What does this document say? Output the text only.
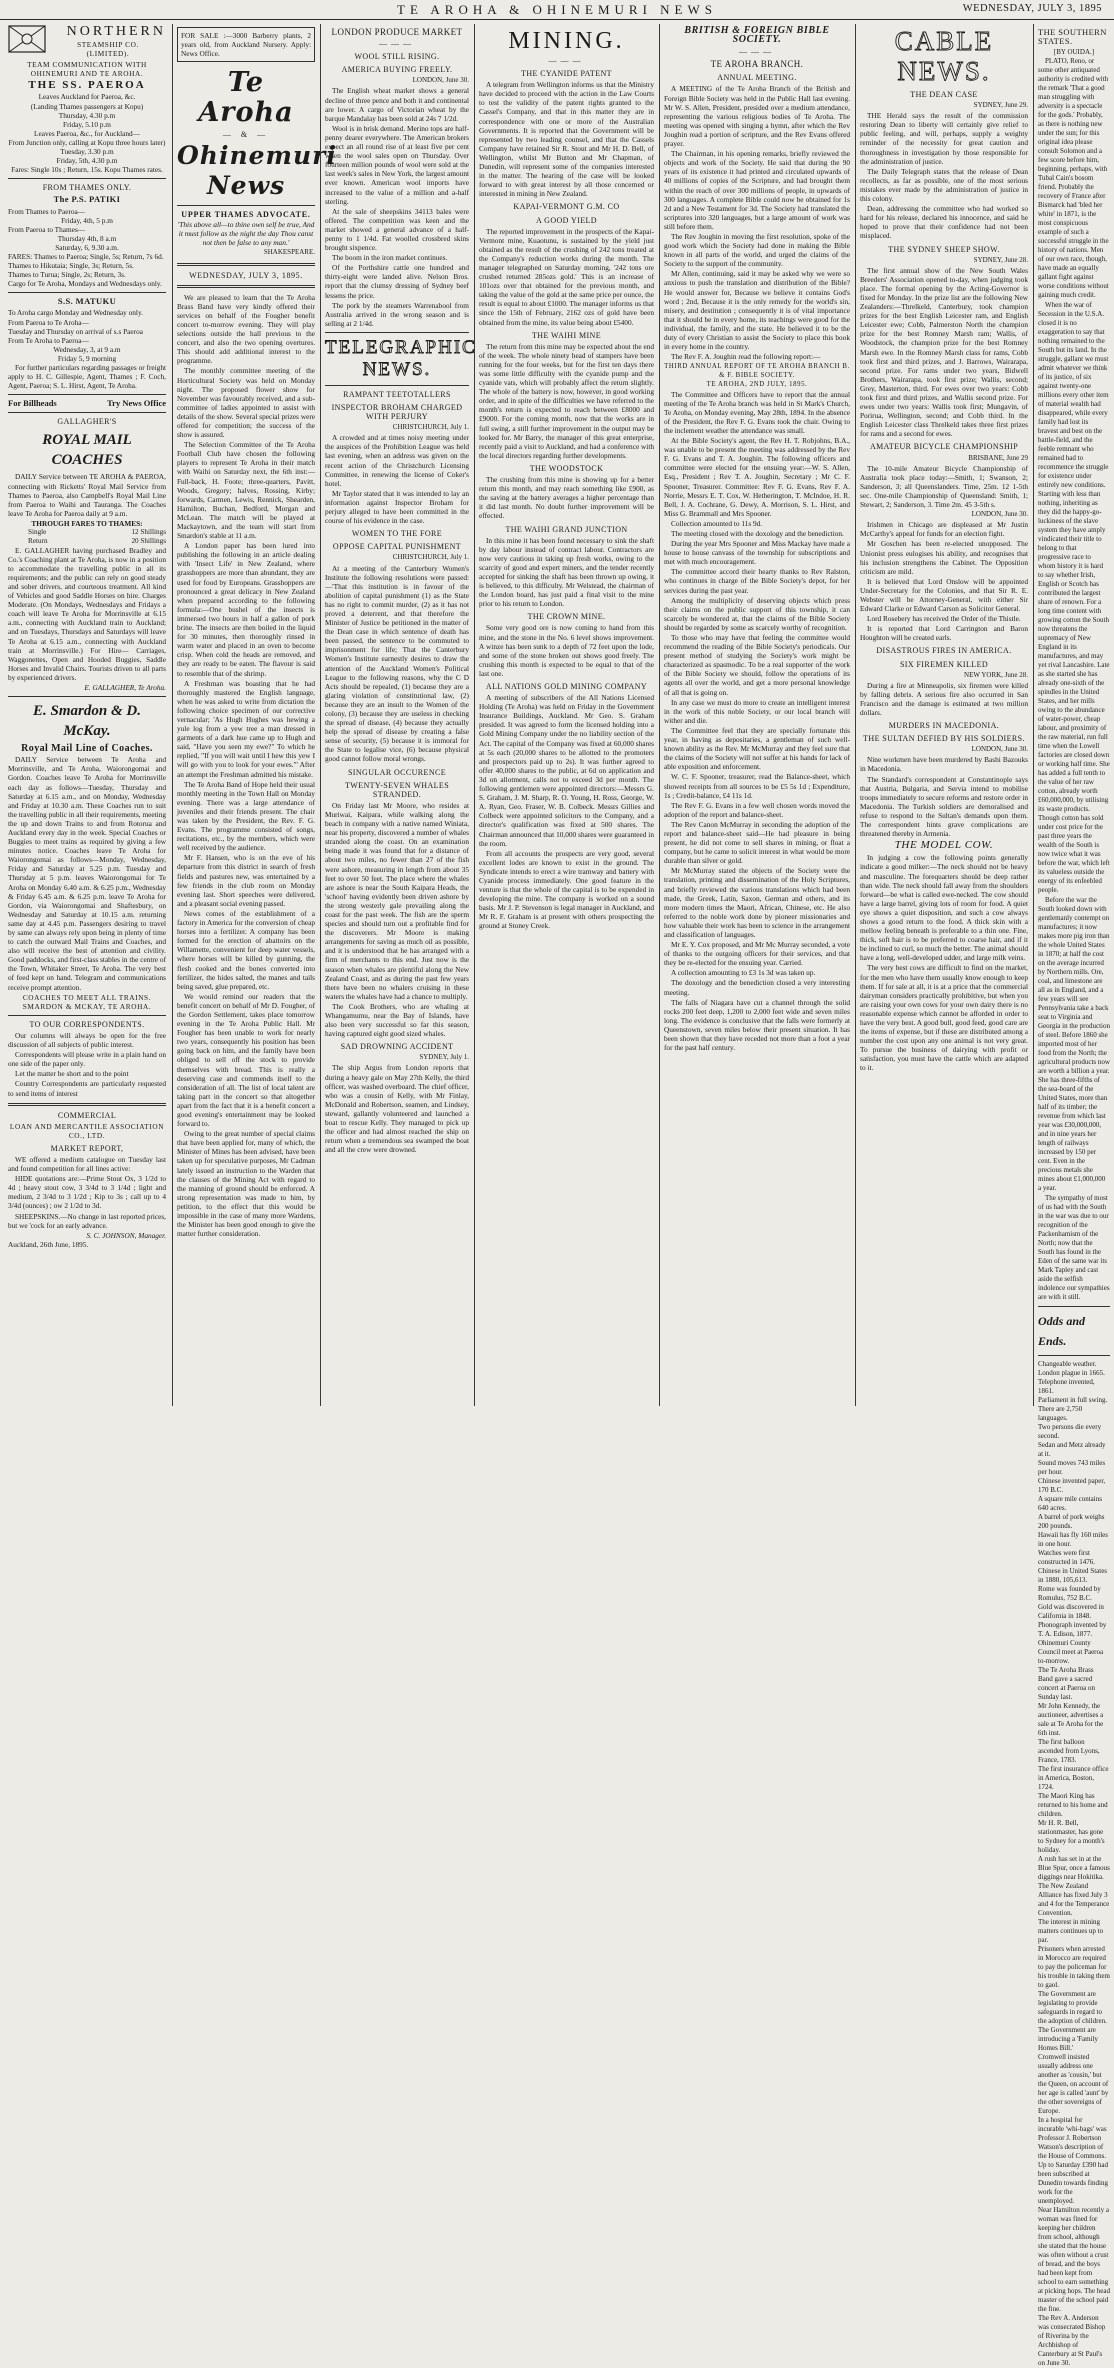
TE AROHA & OHINEMURI NEWS	WEDNESDAY, JULY 3, 1895
NORTHERN
STEAMSHIP CO.
(LIMITED).
TEAM COMMUNICATION WITH OHINEMURI AND TE AROHA.
THE SS. PAEROA
Leaves Auckland for Paeroa, &c.
(Landing Thames passengers at Kopu)
Thursday, 4.30 p.m
Friday, 5.10 p.m
Leaves Paeroa, &c., for Auckland—
From Junction only, calling at Kopu three hours later)
Tuesday, 3.30 p.m
Friday, 5th, 4.30 p.m
Fares: Single 10s ; Return, 15s. Kopu Thames rates.
FROM THAMES ONLY.
The P.S. PATIKI
From Thames to Paeroa—
Friday, 4th, 5 p.m
From Paeroa to Thames—
Thursday 4th, 8 a.m
Saturday, 6, 9.30 a.m.
FARES: Thames to Paeroa; Single, 5s; Return, 7s 6d.
Thames to Hikutaia; Single, 3s; Return, 5s.
Thames to Turua; Single, 2s; Return, 3s.
Cargo for Te Aroha, Mondays and Wednesdays only.
S.S. MATUKU
To Aroha cargo Monday and Wednesday only.
From Paeroa to Te Aroha—
Tuesday and Thursday on arrival of s.s Paeroa
From Te Aroha to Paeroa—
Wednesday, 3, at 9 a.m
Friday 5, 9 morning

For further particulars regarding passages or freight apply to H. C. Gillespie, Agent, Thames ; F. Coch, Agent, Paeroa; S. L. Hirst, Agent, Te Aroha.

For Billheads	Try News Office
GALLAGHER'S
ROYAL MAIL COACHES

DAILY Service between TE AROHA & PAEROA, connecting with Ricketts' Royal Mail Service from Thames to Paeroa, also Campbell's Royal Mail Line from Paeroa to Waihi and Tauranga. The Coaches leave Te Aroha for Paeroa daily at 9 a.m.

THROUGH FARES TO THAMES:
Single	12 Shillings
Return	20 Shillings

E. GALLAGHER having purchased Bradley and Co.'s Coaching plant at Te Aroha, is now in a position to accommodate the travelling public in all its requirements; and the public can rely on good steady and sober drivers, and courteous treatment. All kind of Vehicles and good Saddle Horses on hire. Charges Moderate. (On Mondays, Wednesdays and Fridays a coach will leave Te Aroha for Morrinsville at 6.15 a.m., connecting with Auckland train to Auckland; and on Tuesdays, Thursdays and Saturdays will leave Te Aroha at 6.15 a.m., connecting with Auckland train at Morrinsville.) For Hire— Carriages, Waggonettes, Open and Hooded Buggies, Saddle Horses and Invalid Chairs. Tourists driven to all parts by experienced drivers.

E. GALLAGHER, Te Aroha.
E. Smardon & D. McKay.
Royal Mail Line of Coaches.

DAILY Service between Te Aroha and Morrinsville, and Te Aroha, Waiorongomai and Gordon. Coaches leave Te Aroha for Morrinsville each day as follows—Tuesday, Thursday and Saturday at 6.15 a.m., and on Monday, Wednesday and Friday at 10.30 a.m. These Coaches run to suit the travelling public in all their requirements, meeting the up and down Trains to and from Rotorua and Auckland every day in the week. Special Coaches or Buggies to meet trains as required by giving a few minutes notice. Coaches leave Te Aroha for Waiorongomai as follows—Monday, Wednesday, Friday and Saturday at 5.25 p.m. Tuesday and Thursday at 5 p.m. leaves Waiorongomai for Te Aroha on Monday 6.40 a.m. & 6.25 p.m., Wednesday & Friday 6.45 a.m. & 6.25 p.m. leave Te Aroha for Gordon, via Waiorongomai and Shaftesbury, on Wednesday and Saturday at 10.15 a.m. returning same day at 4.45 p.m. Passengers desiring to travel by same can always rely upon being in plenty of time to catch the outward Mail Trains and Coaches, and also will receive the best of attention and civility. Good paddocks, and first-class stables in the centre of the Town, Whitaker Street, Te Aroha. The very best of feed kept on hand. Telegram and communications receive prompt attention.

COACHES TO MEET ALL TRAINS.
SMARDON & MCKAY, TE AROHA.
TO OUR CORRESPONDENTS.

Our columns will always be open for the free discussion of all subjects of public interest.

Correspondents will please write in a plain hand on one side of the paper only.

Let the matter be short and to the point

Country Correspondents are particularly requested to send items of interest

COMMERCIAL
LOAN AND MERCANTILE ASSOCIATION CO., LTD.
MARKET REPORT,

WE offered a medium catalogue on Tuesday last and found competition for all lines active:

HIDE quotations are:—Prime Stout Ox, 3 1/2d to 4d ; heavy stout cow, 3 3/4d to 3 1/4d ; light and medium, 2 3/4d to 3 1/2d ; Kip to 3s ; call up to 4 3/4d (ounces) ; ow 2 1/2d to 3d.

SHEEPSKINS.—No change in last reported prices, but we 'cock for an early advance.

S. C. JOHNSON, Manager.
Auckland, 26th June, 1895.
FOR SALE :—3000 Barberry plants, 2 years old, from Auckland Nursery. Apply: News Office.
Te Aroha
— & —
Ohinemuri News
UPPER THAMES ADVOCATE.
'This above all—to thine own self be true, And it must follow as the night the day Thou canst not then be false to any man.'
SHAKESPEARE.
WEDNESDAY, JULY 3, 1895.

We are pleased to learn that the Te Aroha Brass Band have very kindly offered their services on behalf of the Fougher benefit concert to-morrow evening. They will play selections outside the hall previous to the concert, and also the two opening overtures. This should add additional interest to the programme.

The monthly committee meeting of the Horticultural Society was held on Monday night. The proposed flower show for November was favourably received, and a sub-committee of ladies appointed to assist with details of the show. Several special prizes were offered for competition; the success of the show is assured.

The Selection Committee of the Te Aroha Football Club have chosen the following players to represent Te Aroha in their match with Waihi on Saturday next, the 6th inst:—Full-back, H. Foote; three-quarters, Pavitt, Woods, Gregory; halves, Rossing, Kirby; forwards, Carmen, Lewis, Rennick, Shearden, Hamilton, Buchan, Bedford, Morgan and McLean. The match will be played at Mackaytown, and the team will start from Smardon's stable at 11 a.m.

A London paper has been lured into publishing the following in an article dealing with 'Insect Life' in New Zealand, where grasshoppers are more than abundant, they are used for food by Europeans. Grasshoppers are pronounced a great delicacy in New Zealand when prepared according to the following formula:—One bushel of the insects is immersed two hours in half a gallon of pork brine. The insects are then boiled in the liquid for 30 minutes, then thoroughly rinsed in warm water and placed in an oven to become crisp. When cold the heads are removed, and they are ready to be eaten. The flavour is said to resemble that of the shrimp.

A Freshman was boasting that he had thoroughly mastered the English language, when he was asked to write from dictation the following choice specimen of our corrective vernacular; 'As Hugh Hughes was hewing a yule log from a yew tree a man dressed in garments of a dark hue came up to Hugh and said, "Have you seen my ewe?" To which he replied, "If you will wait until I hew this yew I will go with you to look for your ewes."' After an attempt the Freshman admitted his mistake.

The Te Aroha Band of Hope held their usual monthly meeting in the Town Hall on Monday evening. There was a large attendance of juveniles and their friends present. The chair was taken by the President, the Rev. F. G. Evans. The programme consisted of songs, recitations, etc., by the members, which were well received by the audience.

Mr F. Hansen, who is on the eve of his departure from this district in search of fresh fields and pastures new, was entertained by a few friends in the club room on Monday evening last. Short speeches were delivered, and a pleasant social evening passed.

News comes of the establishment of a factory in America for the conversion of cheap horses into a fertilizer. A company has been formed for the erection of abattoirs on the Willamette, convenient for deep water vessels, where horses will be killed by gunning, the flesh cooked and the bones converted into fertilizer, the hides salted, the manes and tails being saved, glue prepared, etc.

We would remind our readers that the benefit concert on behalf of Mr D. Fougher, of the Gordon Settlement, takes place tomorrow evening in the Te Aroha Public Hall. Mr Fougher has been unable to work for nearly two years, consequently his position has been going back on him, and the family have been obliged to sell off the stock to provide themselves with bread. This is really a deserving case and commends itself to the consideration of all. The list of local talent are taking part in the concert so that altogether apart from the fact that it is a benefit concert a good evening's entertainment may be looked forward to.

Owing to the great number of special claims that have been applied for, many of which, the Minister of Mines has been advised, have been taken up for speculative purposes, Mr Cadman lately issued an instruction to the Warden that the clauses of the Mining Act with regard to the manning of ground should be enforced. A strong representation was made to him, by petition, to the effect that this would be impossible in the case of many more Wardens, the Minister has been good enough to give the matter further consideration.

LONDON PRODUCE MARKET
———
WOOL STILL RISING.
AMERICA BUYING FREELY.
LONDON, June 30.

The English wheat market shows a general decline of three pence and both it and continental are lower. A cargo of Victorian wheat by the barque Mandalay has been sold at 24s 7 1/2d.

Wool is in brisk demand. Merino tops are half-penny dearer everywhere. The American brokers expect an all round rise of at least five per cent when the wool sales open on Thursday. Over fourteen million pounds of wool were sold at the last week's sales in New York, the largest amount ever known. American wool imports have increased to the value of a million and a-half sterling.

At the sale of sheepskins 34113 bales were offered. The competition was keen and the market showed a general advance of a half-penny to 1 1/4d. Fat woolled crossbred skins brought sixpence.

The boom in the iron market continues.

Of the Porthshire cattle one hundred and thirty-eight were landed alive. Nelson Bros. report that the clumsy dressing of Sydney beef lessens the price.

The pork by the steamers Warrenabool from Australia arrived in the wrong season and is selling at 2 1/4d.

TELEGRAPHIC NEWS.
RAMPANT TEETOTALLERS
INSPECTOR BROHAM CHARGED WITH PERJURY
CHRISTCHURCH, July 1.

A crowded and at times noisy meeting under the auspices of the Prohibition League was held last evening, when an address was given on the recent action of the Christchurch Licensing Committee, in renewing the license of Coker's hotel.

Mr Taylor stated that it was intended to lay an information against Inspector Broham for perjury alleged to have been committed in the course of his evidence in the case.

WOMEN TO THE FORE
OPPOSE CAPITAL PUNISHMENT
CHRISTCHURCH, July 1.

At a meeting of the Canterbury Women's Institute the following resolutions were passed:—'That this institution is in favour of the abolition of capital punishment (1) as the State has no right to commit murder, (2) as it has not proved a deterrent, and that therefore the Minister of Justice be petitioned in the matter of the Dean case in which sentence of death has been passed, the sentence to be commuted to imprisonment for life; That the Canterbury Women's Institute earnestly desires to draw the attention of the Auckland Women's Political League to the following reasons, why the C D Acts should be repealed, (1) because they are a glaring violation of constitutional law, (2) because they are an insult to the Women of the colony, (3) because they are useless in checking the spread of disease, (4) because they actually help the spread of disease by creating a false sense of security, (5) because it is immoral for the State to legalise vice, (6) because physical good cannot follow moral wrongs.

SINGULAR OCCURENCE
TWENTY-SEVEN WHALES STRANDED.

On Friday last Mr Moore, who resides at Muriwai, Kaipara, while walking along the beach in company with a native named Winiata, near his property, discovered a number of whales stranded along the coast. On an examination being made it was found that for a distance of about two miles, no fewer than 27 of the fish were ashore, measuring in length from about 35 feet to over 50 feet. The place where the whales are ashore is near the South Kaipara Heads, the 'school' having evidently been driven ashore by the strong westerly gale prevailing along the coast for the past week. The fish are the sperm species and should turn out a profitable find for the discoverers. Mr Moore is making arrangements for saving as much oil as possible, and it is understood that he has arranged with a firm of merchants to this end. Just now is the season when whales are plentiful along the New Zealand Coast, and as during the past few years there have been no whalers cruising in these waters the whales have had a chance to multiply.

The Cook Brothers, who are whaling at Whangamumu, near the Bay of Islands, have also been very successful so far this season, having captured eight good sized whales.

SAD DROWNING ACCIDENT
SYDNEY, July 1.

The ship Argus from London reports that during a heavy gale on May 27th Kelly, the third officer, was washed overboard. The chief officer, who was a cousin of Kelly, with Mr Finlay, McDonald and Robertson, seamen, and Lindsey, steward, gallantly volunteered and launched a boat to rescue Kelly. They managed to pick up the officer and had almost reached the ship on return when a tremendous sea swamped the boat and all the crew were drowned.

MINING.
———
THE CYANIDE PATENT

A telegram from Wellington informs us that the Ministry have decided to proceed with the action in the Law Courts to test the validity of the patent rights granted to the Cassel's Company, and that in this matter they are in correspondence with one or more of the Australian Governments. It is reported that the Government will be represented by two leading counsel, and that the Cassels Company have retained Sir R. Stout and Mr H. D. Bell, of Wellington, whilst Mr Button and Mr Chapman, of Dunedin, will represent some of the companies interested in the matter. The hearing of the case will be looked forward to with great interest by all those concerned or interested in mining in New Zealand.

KAPAI-VERMONT G.M. CO
A GOOD YIELD

The reported improvement in the prospects of the Kapai-Vermont mine, Kuaotunu, is sustained by the yield just obtained as the result of the crushing of 242 tons treated at the Company's reduction works during the month. The manager telegraphed on Saturday morning, '242 tons ore crushed returned 285ozs gold.' This is an increase of 101ozs over that obtained for the previous month, and taking the value of the gold at the same price per ounce, the result is equal to about £1000. The manager informs us that since the 15th of February, 2162 ozs of gold have been obtained from the mine, its value being about £5400.

THE WAIHI MINE

The return from this mine may be expected about the end of the week. The whole ninety head of stampers have been running for the four weeks, but for the first ten days there was some little difficulty with the cyanide pump and the cyanide vats, which will probably affect the return slightly. The whole of the battery is now, however, in good working order, and in spite of the difficulties we have referred to the month's return is expected to reach between £8000 and £9000. For the coming month, now that the works are in full swing, a still further improvement in the output may be looked for. Mr Barry, the manager of this great enterprise, recently paid a visit to Auckland, and had a conference with the local directors regarding further developments.

THE WOODSTOCK

The crushing from this mine is showing up for a better return this month, and may reach something like £900, as the saving at the battery averages a higher percentage than it did last month. No doubt further improvement will be effected.

THE WAIHI GRAND JUNCTION

In this mine it has been found necessary to sink the shaft by day labour instead of contract labour. Contractors are now very cautious in taking up fresh works, owing to the scarcity of good and expert miners, and the tender recently accepted for sinking the shaft has been thrown up owing, it is believed, to this difficulty. Mr Welstead, the chairman of the London board, has just paid a final visit to the mine prior to his return to London.

THE CROWN MINE.

Some very good ore is now coming to hand from this mine, and the stone in the No. 6 level shows improvement. A winze has been sunk to a depth of 72 feet upon the lode, and some of the stone broken out shows good freely. The crushing this month is expected to be equal to that of the last one.

ALL NATIONS GOLD MINING COMPANY

A meeting of subscribers of the All Nations Licensed Holding (Te Aroha) was held on Friday in the Government Insurance Buildings, Auckland. Mr Geo. S. Graham presided. It was agreed to form the licensed holding into a Gold Mining Company under the no liability section of the Act. The capital of the Company was fixed at 60,000 shares at 5s each (20,000 shares to be allotted to the promoters and prospectors paid up to 2s). It was further agreed to offer 40,000 shares to the public, at 6d on application and 3d on allotment, calls not to exceed 3d per month. The following gentlemen were appointed directors:—Messrs G. S. Graham, J. M. Sharp, R. O. Young, H. Ross, George, W. A. Ryan, Geo. Fraser, W. B. Colbeck. Messrs Gillies and Colbeck were appointed solicitors to the Company, and a director's qualification was fixed at 500 shares. The Chairman announced that 10,000 shares were guaranteed in the room.

From all accounts the prospects are very good, several excellent lodes are known to exist in the ground. The Syndicate intends to erect a wire tramway and battery with Cyanide process immediately. One good feature in the venture is that the whole of the capital is to be expended in developing the mine. The company is worked on a sound basis. Mr J. P. Stevenson is legal manager in Auckland, and Mr R. F. Graham is at present with others prospecting the ground at Stoney Creek.

BRITISH & FOREIGN BIBLE
SOCIETY.
———
TE AROHA BRANCH.
ANNUAL MEETING.

A MEETING of the Te Aroha Branch of the British and Foreign Bible Society was held in the Public Hall last evening. Mr W. S. Allen, President, presided over a medium attendance, representing the various religious bodies of Te Aroha. The meeting was opened with singing a hymn, after which the Rev Joughin read a portion of scripture, and the Rev Evans offered prayer.

The Chairman, in his opening remarks, briefly reviewed the objects and work of the Society. He said that during the 90 years of its existence it had printed and circulated upwards of 40 millions of copies of the Scripture, and had brought them within the reach of over 300 millions of people, in upwards of 300 languages. A complete Bible could now be obtained for 1s 2d and a New Testament for 3d. The Society had translated the scriptures into 320 languages, but a large amount of work was still before them.

The Rev Joughin in moving the first resolution, spoke of the good work which the Society had done in making the Bible known in all parts of the world, and urged the claims of the Society to the support of the community.

Mr Allen, continuing, said it may be asked why we were so anxious to push the translation and distribution of the Bible? He would answer for, Because we believe it contains God's word ; 2nd, Because it is the only remedy for the world's sin, misery, and destitution ; consequently it is of vital importance that it should be in every home, its teachings were good for the individual, the family, and the state. He believed it to be the duty of every Christian to assist the Society to place this book in every home in the country.

The Rev F. A. Joughin read the following report:—

THIRD ANNUAL REPORT OF TE AROHA BRANCH B. & F. BIBLE SOCIETY.
TE AROHA, 2ND JULY, 1895.

The Committee and Officers have to report that the annual meeting of the Te Aroha branch was held in St Mark's Church, Te Aroha, on Monday evening, May 28th, 1894. In the absence of the President, the Rev F. G. Evans took the chair. Owing to the inclement weather the attendance was small.

At the Bible Society's agent, the Rev H. T. Robjohns, B.A., was unable to be present the meeting was addressed by the Rev F. G. Evans and T. A. Joughin. The following officers and committee were elected for the ensuing year:—W. S. Allen, Esq., President ; Rev T. A. Joughin, Secretary ; Mr C. F. Spooner, Treasurer. Committee: Rev F. G. Evans, Rev F. A. Norrie, Messrs E. T. Cox, W. Hetherington, T. McIndoe, H. R. Bell, J. A. Cochrane, G. Dewy, A. Morrison, S. L. Hirst, and Miss G. Brammall and Mrs Spooner.

Collection amounted to 11s 9d.

The meeting closed with the doxology and the benediction.

During the year Mrs Spooner and Miss Mackay have made a house to house canvass of the township for subscriptions and met with much encouragement.

The committee accord their hearty thanks to Rev Ralston, who continues in charge of the Bible Society's depot, for her services during the past year.

Among the multiplicity of deserving objects which press their claims on the public support of this township, it can scarcely be wondered at, that the claims of the Bible Society should be regarded by some as scarcely worthy of recognition.

To those who may have that feeling the committee would recommend the reading of the Bible Society's periodicals. Our present method of studying the Society's work might be characterized as spasmodic. To be a real supporter of the work of the Bible Society we should, follow the operations of its agents all over the world, and get a more personal knowledge of all that is going on.

In any case we must do more to create an intelligent interest in the work of this noble Society, or our local branch will wither and die.

The Committee feel that they are specially fortunate this year, in having as depositaries, a gentleman of such well-known ability as the Rev. Mr McMurray and they feel sure that the claims of the Society will not suffer at his hands for lack of able exposition and enforcement.

W. C. F. Spooner, treasurer, read the Balance-sheet, which showed receipts from all sources to be £5 5s 1d ; Expenditure, 1s ; Credit-balance, £4 11s 1d.

The Rev F. G. Evans in a few well chosen words moved the adoption of the report and balance-sheet.

The Rev Canon McMurray in seconding the adoption of the report and balance-sheet said—He had pleasure in being present, he did not come to sell shares in mining, or float a company, but he came to solicit interest in what would be more durable than silver or gold.

Mr McMurray stated the objects of the Society were the translation, printing and dissemination of the Holy Scriptures, and briefly reviewed the various translations which had been made, the Greek, Latin, Saxon, German and others, and its more modern times the Maori, African, Chinese, etc. He also referred to the noble work done by pioneer missionaries and how valuable their work has been to science in the arrangement and classification of languages.

Mr E. Y. Cox proposed, and Mr Mc Murray seconded, a vote of thanks to the outgoing officers for their services, and that they be re-elected for the ensuing year. Carried.

A collection amounting to £3 1s 3d was taken up.

The doxology and the benediction closed a very interesting meeting.

The falls of Niagara have cut a channel through the solid rocks 200 feet deep, 1,200 to 2,000 feet wide and seven miles long. The evidence is conclusive that the falls were formerly at Queenstown, seven miles below their present situation. It has been shown that they have receded not more than a foot a year for the past half century.

CABLE NEWS.
THE DEAN CASE
SYDNEY, June 29.

THE Herald says the result of the commission restoring Dean to liberty will certainly give relief to public feeling, and will, perhaps, supply a weighty reminder of the necessity for great caution and thoroughness in investigation by those responsible for the administration of justice.

The Daily Telegraph states that the release of Dean recollects, as far as possible, one of the most serious mistakes ever made by the administration of justice in this colony.

Dean, addressing the committee who had worked so hard for his release, declared his innocence, and said he hoped to prove that their confidence had not been misplaced.

THE SYDNEY SHEEP SHOW.
SYDNEY, June 28.

The first annual show of the New South Wales Breeders' Association opened to-day, when judging took place. The formal opening by the Acting-Governor is fixed for Monday. In the prize list are the following New Zealanders:—Threlkeld, Canterbury, took champion prizes for the best English Leicester ram, and English Leicester ewe; Cobb, Palmerston North the champion prize for the best Romney Marsh ram; Wallis, of Woodstock, the champion prize for the best Romney Marsh ewe. In the Romney Marsh class for rams, Cobb took first and third prizes, and J. Barrows, Wairarapa, second prize. For rams under two years, Bidwell Brothers, Wairarapa, took first prize; Wallis, second; Grey, Masterton, third. For ewes over two years: Cobb took first and third prizes, and Wallis second prize. For ewes under two years: Wallis took first; Mungavin, of Porirua, Wellington, second; and Cobb third. In the English Leicester class Threlkeld takes three first prizes for rams and a second for ewes.

AMATEUR BICYCLE CHAMPIONSHIP
BRISBANE, June 29

The 10-mile Amateur Bicycle Championship of Australia took place today:—Smith, 1; Swanson, 2; Sanderson, 3; all Queenslanders. Time, 25m. 12 1-5th sec. One-mile Championship of Queensland: Smith, 1; Stewart, 2; Sanderson, 3. Time 2m. 45 3-5th s.

LONDON, June 30.

Irishmen in Chicago are displeased at Mr Justin McCarthy's appeal for funds for an election fight.

Mr Goschen has been re-elected unopposed. The Unionist press eulogises his ability, and recognises that his inclusion strengthens the Cabinet. The Opposition criticism are mild.

It is believed that Lord Onslow will be appointed Under-Secretary for the Colonies, and that Sir R. E. Webster will be Attorney-General, with either Sir Edward Clarke or Edward Carson as Solicitor General.

Lord Rosebery has received the Order of the Thistle.

It is reported that Lord Carrington and Baron Houghton will be created earls.

DISASTROUS FIRES IN AMERICA.
SIX FIREMEN KILLED
NEW YORK, June 28.

During a fire at Minneapolis, six firemen were killed by falling debris. A serious fire also occurred in San Francisco and the damage is estimated at two million dollars.

MURDERS IN MACEDONIA.
THE SULTAN DEFIED BY HIS SOLDIERS.
LONDON, June 30.

Nine workmen have been murdered by Bashi Bazouks in Macedonia.

The Standard's correspondent at Constantinople says that Austria, Bulgaria, and Servia intend to mobilise troops immediately to secure reforms and restore order in Macedonia. The Turkish soldiers are demoralised and refuse to respond to the Sultan's demands upon them. The correspondent hints grave complications are threatened thereby in Armenia.

THE MODEL COW.

In judging a cow the following points generally indicate a good milker:—The neck should not be heavy and masculine. The forequarters should be deep rather than wide. The neck should fall away from the shoulders forward—be what is called ewe-necked. The cow should have a large barrel, giving lots of room for food. A quiet eye shows a quiet disposition, and such a cow always shows a good return to the food. A thick skin with a mellow feeling beneath is preferable to a thin one. Fine, thick, soft hair is to be preferred to coarse hair, and if it be inclined to curl, so much the better. The animal should have a long, well-developed udder, and large milk veins.

The very best cows are difficult to find on the market, for the men who have them usually know enough to keep them. If for sale at all, it is at a price that the commercial dairyman considers practically prohibitive, but when you are raising your own cows for your own dairy there is no reasonable expense which cannot be afforded in order to have the very best. A good bull, good feed, good care are the items of expense, but if these are distributed among a number the cost upon any one animal is not very great. To pursue the business of dairying with profit or satisfaction, you must have the cattle which are adapted to it.

THE SOUTHERN STATES.
[BY OUIDA.]

PLATO, Reno, or some other antiquated authority is credited with the remark 'That a good man struggling with adversity is a spectacle for the gods.' Probably, as there is nothing new under the sun; for this original idea please consult Solomon and a few score before him, beginning, perhaps, with Tubal Cain's bosom friend. Probably the recovery of France after Bismarck had 'bled her white' in 1871, is the most conspicuous example of such a successful struggle in the history of nations. Men of our own race, though, have made an equally gallant fight against worse conditions without gaining much credit.

When the war of Secession in the U.S.A. closed it is no exaggeration to say that nothing remained to the South but its land. In the struggle, gallant we must admit whatever we think of its justice, of six against twenty-one millions every other item of material wealth had disappeared, while every family had lost its bravest and best on the battle-field, and the feeble remnant who remained had to recommence the struggle for existence under entirely new conditions. Starting with less than nothing, inheriting as they did the happy-go-luckiness of the slave system they have amply vindicated their title to belong to that progressive race to whom history it is hard to say whether Irish, English or Scotch has contributed the largest share of renown. For a long time content with growing cotton the South now threatens the supremacy of New England in its manufactures, and may yet rival Lancashire. Late as she started she has already one-sixth of the spindles in the United States, and her mills owing to the abundance of water-power, cheap labour, and proximity of the raw material, run full time when the Lowell factories are closed down or working half time. She has added a full tenth to the value of her raw cotton, already worth £60,000,000, by utilising its waste products. Though cotton has sold under cost price for the past three years the wealth of the South is now twice what it was before the war, which left its valueless outside the energy of its enfeebled people.

Before the war the South looked down with gentlemanly contempt on manufactures; it now makes more pig iron than the whole United States in 1870; at half the cost on the average incurred by Northern mills. Ore, coal, and limestone are all as in England, and a few years will see Pennsylvania take a back seat to Virginia and Georgia in the production of steel. Before 1860 she imported most of her food from the North; the agricultural products now are worth a billion a year. She has three-fifths of the sea-board of the United States, more than half of its timber; the revenue from which last year was £30,000,000, and in nine years her length of railways increased by 150 per cent. Even in the precious metals she mines about £1,000,000 a year.

The sympathy of most of us had with the South in the war was due to our recognition of the Packenhamism of the North; now that the South has found in the Eden of the same war its Mark Tapley and cast aside the selfish indolence our sympathies are with it still.

Odds and Ends.
Changeable weather.
London plague in 1665.
Telephone invented, 1861.
Parliament in full swing.
There are 2,750 languages.
Two persons die every second.
Sedan and Metz already at it.
Sound moves 743 miles per hour.
Chinese invented paper, 170 B.C.
A square mile contains 640 acres.
A barrel of pork weighs 200 pounds.
Hawaii has fly 160 miles in one hour.
Watches were first constructed in 1476.
Chinese in United States in 1880, 105,613.
Rome was founded by Romulus, 752 B.C.
Gold was discovered in California in 1848.
Phonograph invented by T. A. Edison, 1877.
Ohinemuri County Council meet at Paeroa to-morrow.
The Te Aroha Brass Band gave a sacred concert at Paeroa on Sunday last.
Mr John Kennedy, the auctioneer, advertises a sale at Te Aroha for the 6th inst.
The first balloon ascended from Lyons, France, 1783.
The first insurance office in America, Boston, 1724.
The Maori King has returned to his home and children.
Mr H. R. Bell, stationmaster, has gone to Sydney for a month's holiday.
A rush has set in at the Blue Spur, once a famous diggings near Hokitika.
The New Zealand Alliance has fixed July 3 and 4 for the Temperance Convention.
The interest in mining matters continues up to par.
Prisoners when arrested in Morocco are required to pay the policeman for his trouble in taking them to gaol.
The Government are legislating to provide safeguards in regard to the adoption of children.
The Government are introducing a 'Family Homes Bill.'
Cromwell insisted usually address one another as 'cousin,' but the Queen, on account of her age is called 'aunt' by the other sovereigns of Europe.
In a hospital for incurable 'whi-bags' was Professor J. Robertson Watson's description of the House of Commons.
Up to Saturday £390 had been subscribed at Dunedin towards finding work for the unemployed.
Near Hamilton recently a woman was fined for keeping her children from school, although she stated that the house was often without a crust of bread, and the boys had been kept from school to earn something at picking hops. The head master of the school paid the fine.
The Rev A. Anderson was consecrated Bishop of Riverina by the Archbishop of Canterbury at St Paul's on June 30.
